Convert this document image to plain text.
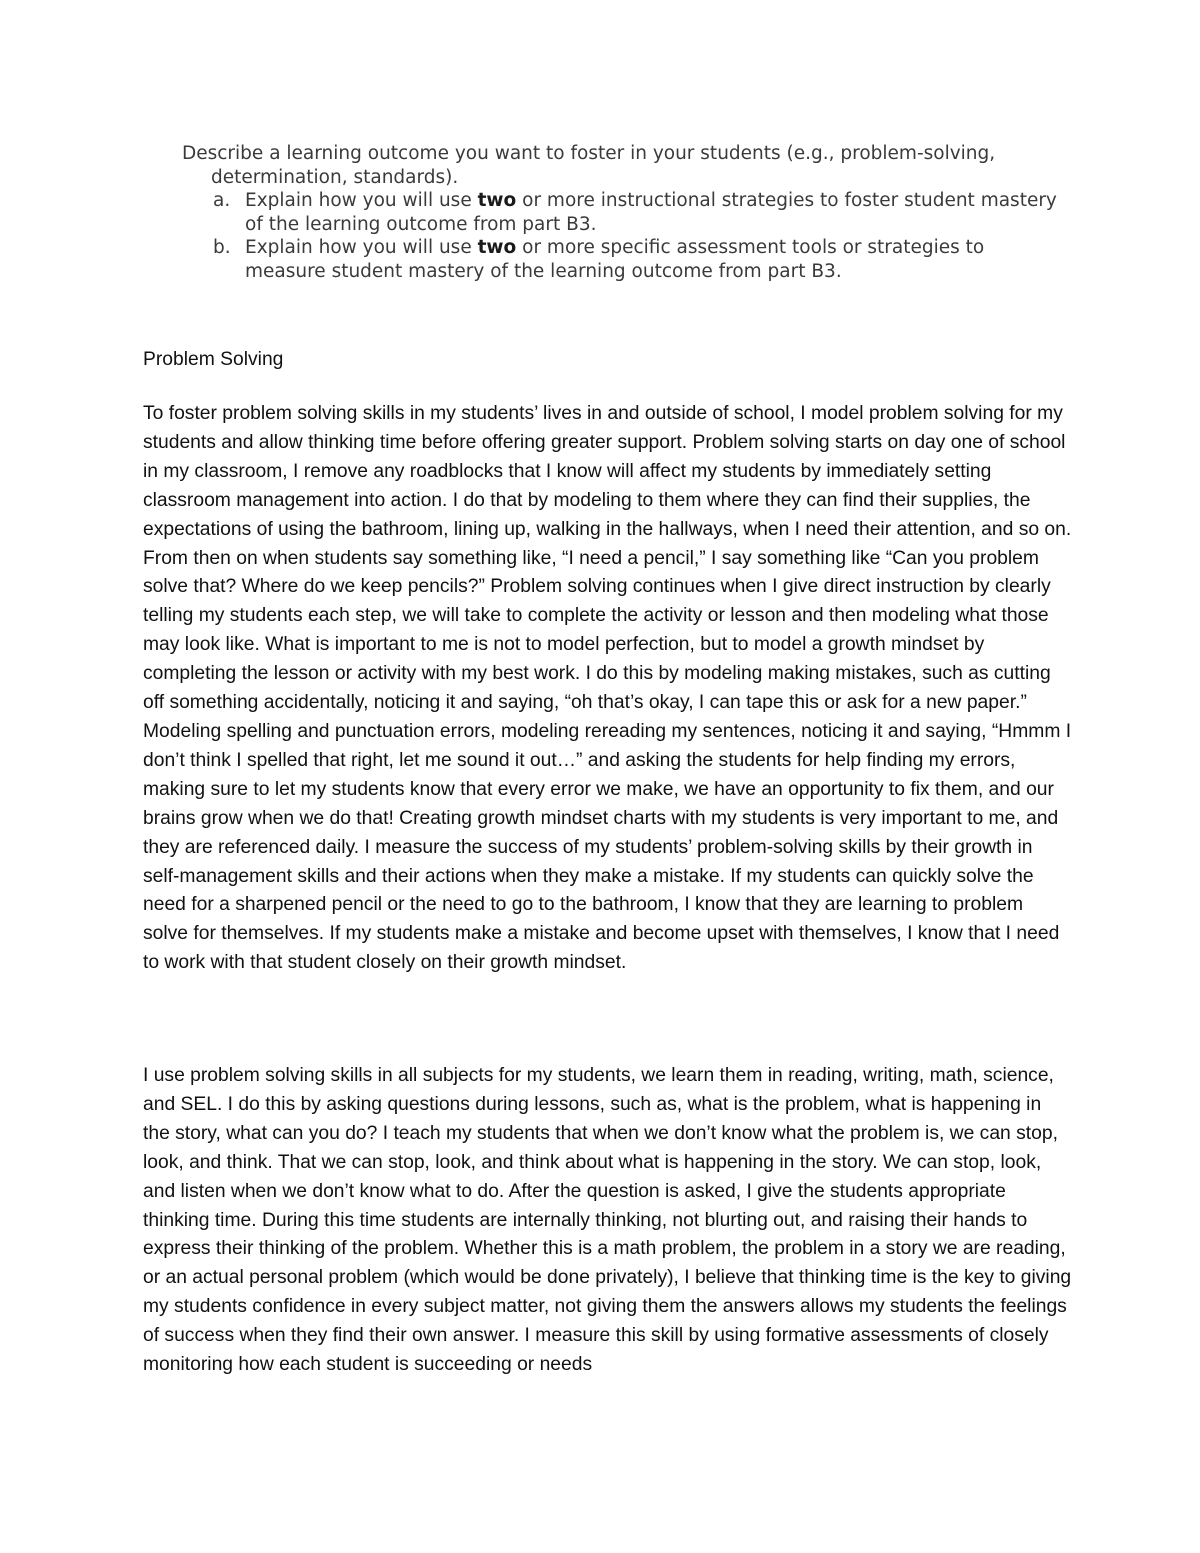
Describe a learning outcome you want to foster in your students (e.g., problem-solving, determination, standards).

a. Explain how you will use two or more instructional strategies to foster student mastery of the learning outcome from part B3.

b. Explain how you will use two or more specific assessment tools or strategies to measure student mastery of the learning outcome from part B3.

Problem Solving

To foster problem solving skills in my students’ lives in and outside of school, I model problem solving for my students and allow thinking time before offering greater support. Problem solving starts on day one of school in my classroom, I remove any roadblocks that I know will affect my students by immediately setting classroom management into action. I do that by modeling to them where they can find their supplies, the expectations of using the bathroom, lining up, walking in the hallways, when I need their attention, and so on. From then on when students say something like, “I need a pencil,” I say something like “Can you problem solve that? Where do we keep pencils?” Problem solving continues when I give direct instruction by clearly telling my students each step, we will take to complete the activity or lesson and then modeling what those may look like. What is important to me is not to model perfection, but to model a growth mindset by completing the lesson or activity with my best work. I do this by modeling making mistakes, such as cutting off something accidentally, noticing it and saying, “oh that’s okay, I can tape this or ask for a new paper.” Modeling spelling and punctuation errors, modeling rereading my sentences, noticing it and saying, “Hmmm I don’t think I spelled that right, let me sound it out…” and asking the students for help finding my errors, making sure to let my students know that every error we make, we have an opportunity to fix them, and our brains grow when we do that! Creating growth mindset charts with my students is very important to me, and they are referenced daily. I measure the success of my students’ problem-solving skills by their growth in self-management skills and their actions when they make a mistake. If my students can quickly solve the need for a sharpened pencil or the need to go to the bathroom, I know that they are learning to problem solve for themselves. If my students make a mistake and become upset with themselves, I know that I need to work with that student closely on their growth mindset.

I use problem solving skills in all subjects for my students, we learn them in reading, writing, math, science, and SEL. I do this by asking questions during lessons, such as, what is the problem, what is happening in the story, what can you do? I teach my students that when we don’t know what the problem is, we can stop, look, and think. That we can stop, look, and think about what is happening in the story. We can stop, look, and listen when we don’t know what to do. After the question is asked, I give the students appropriate thinking time. During this time students are internally thinking, not blurting out, and raising their hands to express their thinking of the problem. Whether this is a math problem, the problem in a story we are reading, or an actual personal problem (which would be done privately), I believe that thinking time is the key to giving my students confidence in every subject matter, not giving them the answers allows my students the feelings of success when they find their own answer. I measure this skill by using formative assessments of closely monitoring how each student is succeeding or needs
